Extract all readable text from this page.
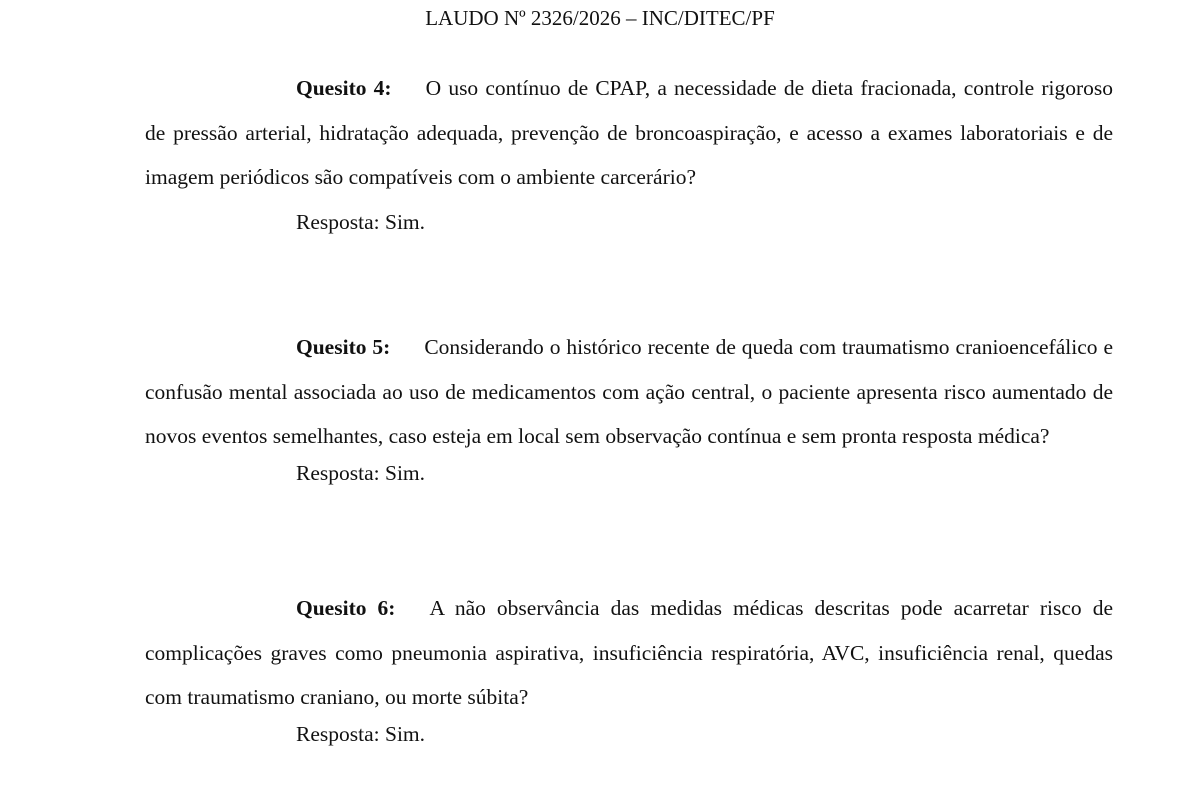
LAUDO Nº 2326/2026 – INC/DITEC/PF

Quesito 4: O uso contínuo de CPAP, a necessidade de dieta fracionada, controle rigoroso de pressão arterial, hidratação adequada, prevenção de broncoaspiração, e acesso a exames laboratoriais e de imagem periódicos são compatíveis com o ambiente carcerário?

Resposta: Sim.

Quesito 5: Considerando o histórico recente de queda com traumatismo cranioencefálico e confusão mental associada ao uso de medicamentos com ação central, o paciente apresenta risco aumentado de novos eventos semelhantes, caso esteja em local sem observação contínua e sem pronta resposta médica?

Resposta: Sim.

Quesito 6: A não observância das medidas médicas descritas pode acarretar risco de complicações graves como pneumonia aspirativa, insuficiência respiratória, AVC, insuficiência renal, quedas com traumatismo craniano, ou morte súbita?

Resposta: Sim.
